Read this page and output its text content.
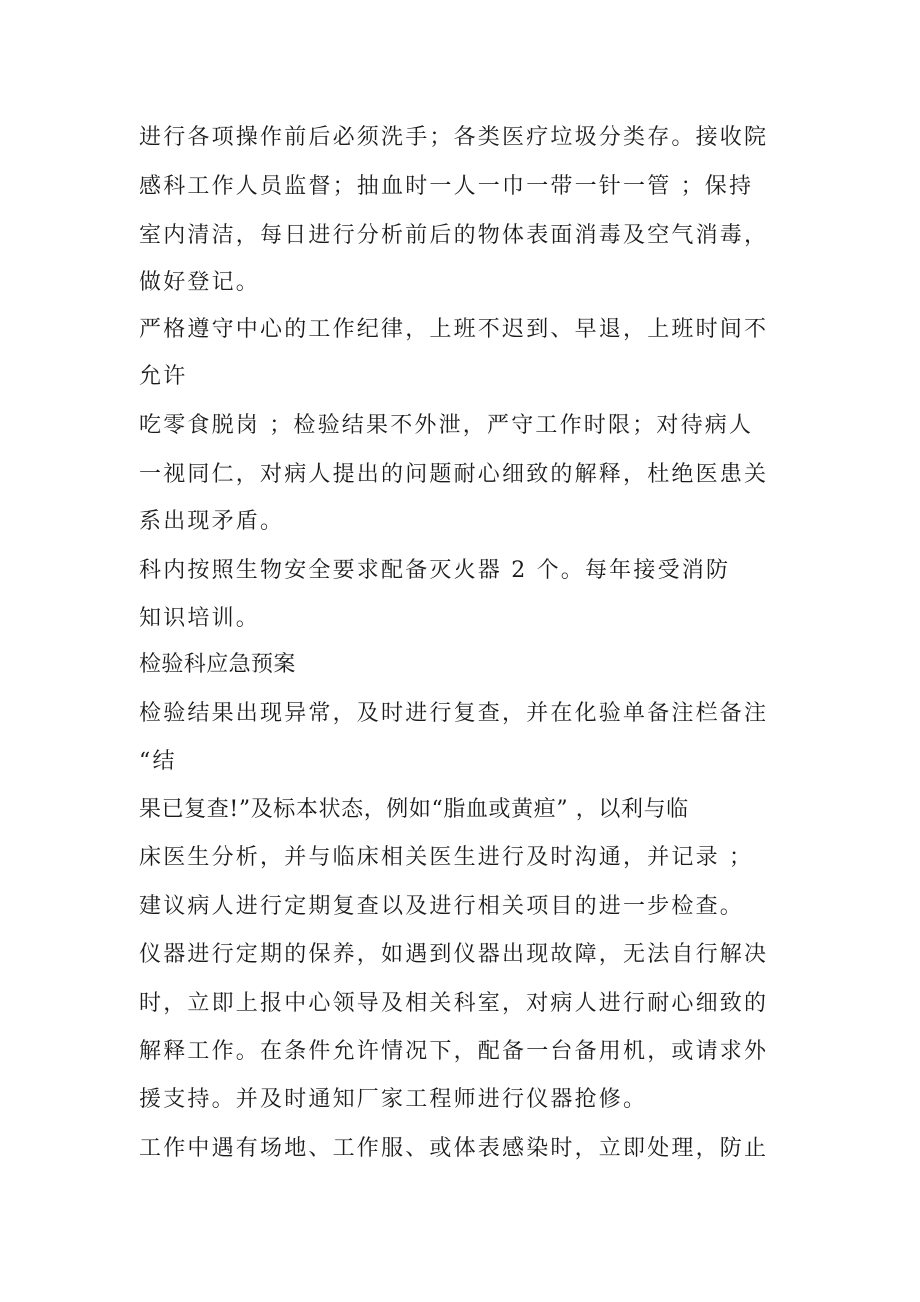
进行各项操作前后必须洗手；各类医疗垃圾分类存。接收院
感科工作人员监督；抽血时一人一巾一带一针一管 ；保持
室内清洁，每日进行分析前后的物体表面消毒及空气消毒，
做好登记。
严格遵守中心的工作纪律，上班不迟到、早退，上班时间不
允许
吃零食脱岗 ；检验结果不外泄，严守工作时限；对待病人
一视同仁，对病人提出的问题耐心细致的解释，杜绝医患关
系出现矛盾。
科内按照生物安全要求配备灭火器 2 个。每年接受消防
知识培训。
检验科应急预案
检验结果出现异常，及时进行复查，并在化验单备注栏备注
“结
果已复查!”及标本状态，例如“脂血或黄疸” ，以利与临
床医生分析，并与临床相关医生进行及时沟通，并记录 ；
建议病人进行定期复查以及进行相关项目的进一步检查。
仪器进行定期的保养，如遇到仪器出现故障，无法自行解决
时，立即上报中心领导及相关科室，对病人进行耐心细致的
解释工作。在条件允许情况下，配备一台备用机，或请求外
援支持。并及时通知厂家工程师进行仪器抢修。
工作中遇有场地、工作服、或体表感染时，立即处理，防止
